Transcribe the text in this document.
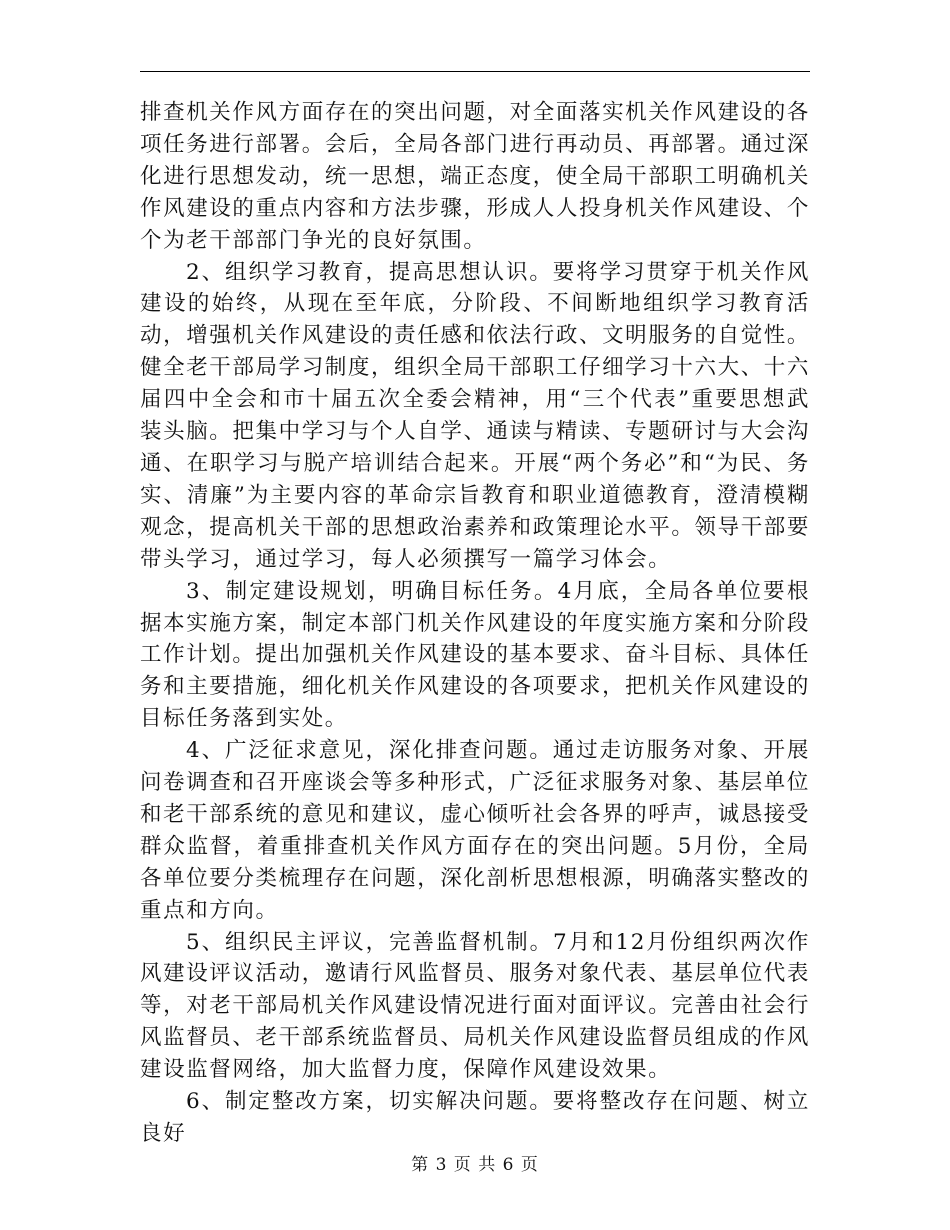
排查机关作风方面存在的突出问题，对全面落实机关作风建设的各项任务进行部署。会后，全局各部门进行再动员、再部署。通过深化进行思想发动，统一思想，端正态度，使全局干部职工明确机关作风建设的重点内容和方法步骤，形成人人投身机关作风建设、个个为老干部部门争光的良好氛围。

2、组织学习教育，提高思想认识。要将学习贯穿于机关作风建设的始终，从现在至年底，分阶段、不间断地组织学习教育活动，增强机关作风建设的责任感和依法行政、文明服务的自觉性。健全老干部局学习制度，组织全局干部职工仔细学习十六大、十六届四中全会和市十届五次全委会精神，用“三个代表”重要思想武装头脑。把集中学习与个人自学、通读与精读、专题研讨与大会沟通、在职学习与脱产培训结合起来。开展“两个务必”和“为民、务实、清廉”为主要内容的革命宗旨教育和职业道德教育，澄清模糊观念，提高机关干部的思想政治素养和政策理论水平。领导干部要带头学习，通过学习，每人必须撰写一篇学习体会。

3、制定建设规划，明确目标任务。4月底，全局各单位要根据本实施方案，制定本部门机关作风建设的年度实施方案和分阶段工作计划。提出加强机关作风建设的基本要求、奋斗目标、具体任务和主要措施，细化机关作风建设的各项要求，把机关作风建设的目标任务落到实处。

4、广泛征求意见，深化排查问题。通过走访服务对象、开展问卷调查和召开座谈会等多种形式，广泛征求服务对象、基层单位和老干部系统的意见和建议，虚心倾听社会各界的呼声，诚恳接受群众监督，着重排查机关作风方面存在的突出问题。5月份，全局各单位要分类梳理存在问题，深化剖析思想根源，明确落实整改的重点和方向。

5、组织民主评议，完善监督机制。7月和12月份组织两次作风建设评议活动，邀请行风监督员、服务对象代表、基层单位代表等，对老干部局机关作风建设情况进行面对面评议。完善由社会行风监督员、老干部系统监督员、局机关作风建设监督员组成的作风建设监督网络，加大监督力度，保障作风建设效果。

6、制定整改方案，切实解决问题。要将整改存在问题、树立良好

第 3 页 共 6 页
